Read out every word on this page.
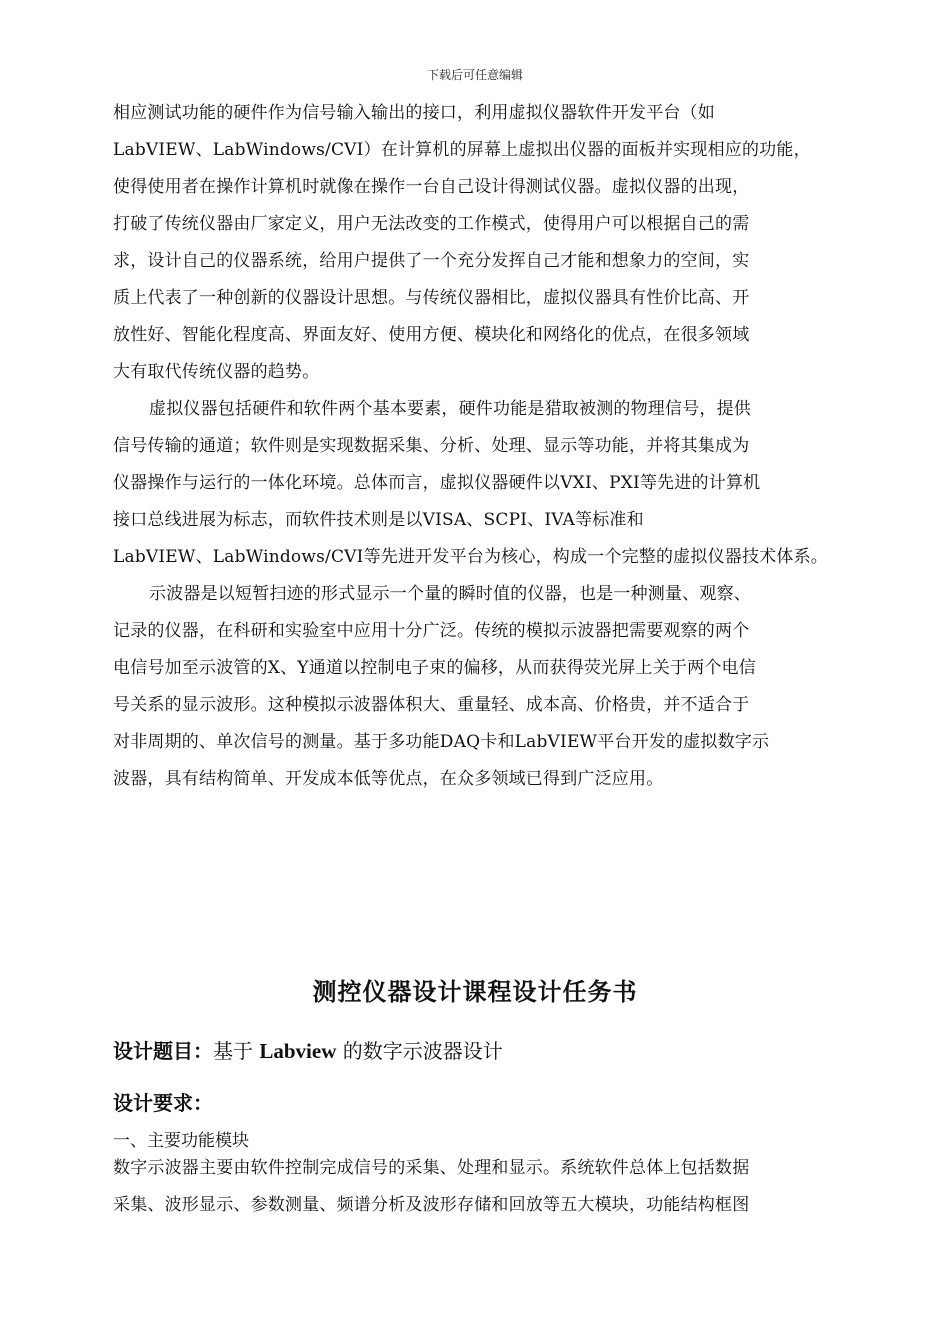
下载后可任意编辑
相应测试功能的硬件作为信号输入输出的接口，利用虚拟仪器软件开发平台（如
LabVIEW、LabWindows/CVI）在计算机的屏幕上虚拟出仪器的面板并实现相应的功能，
使得使用者在操作计算机时就像在操作一台自己设计得测试仪器。虚拟仪器的出现，
打破了传统仪器由厂家定义，用户无法改变的工作模式，使得用户可以根据自己的需
求，设计自己的仪器系统，给用户提供了一个充分发挥自己才能和想象力的空间，实
质上代表了一种创新的仪器设计思想。与传统仪器相比，虚拟仪器具有性价比高、开
放性好、智能化程度高、界面友好、使用方便、模块化和网络化的优点，在很多领域
大有取代传统仪器的趋势。
虚拟仪器包括硬件和软件两个基本要素，硬件功能是猎取被测的物理信号，提供
信号传输的通道；软件则是实现数据采集、分析、处理、显示等功能，并将其集成为
仪器操作与运行的一体化环境。总体而言，虚拟仪器硬件以VXI、PXI等先进的计算机
接口总线进展为标志，而软件技术则是以VISA、SCPI、IVA等标准和
LabVIEW、LabWindows/CVI等先进开发平台为核心，构成一个完整的虚拟仪器技术体系。
示波器是以短暂扫迹的形式显示一个量的瞬时值的仪器，也是一种测量、观察、
记录的仪器，在科研和实验室中应用十分广泛。传统的模拟示波器把需要观察的两个
电信号加至示波管的X、Y通道以控制电子束的偏移，从而获得荧光屏上关于两个电信
号关系的显示波形。这种模拟示波器体积大、重量轻、成本高、价格贵，并不适合于
对非周期的、单次信号的测量。基于多功能DAQ卡和LabVIEW平台开发的虚拟数字示
波器，具有结构简单、开发成本低等优点，在众多领域已得到广泛应用。
测控仪器设计课程设计任务书
设计题目：基于 Labview 的数字示波器设计
设计要求：
一、主要功能模块
数字示波器主要由软件控制完成信号的采集、处理和显示。系统软件总体上包括数据
采集、波形显示、参数测量、频谱分析及波形存储和回放等五大模块，功能结构框图
